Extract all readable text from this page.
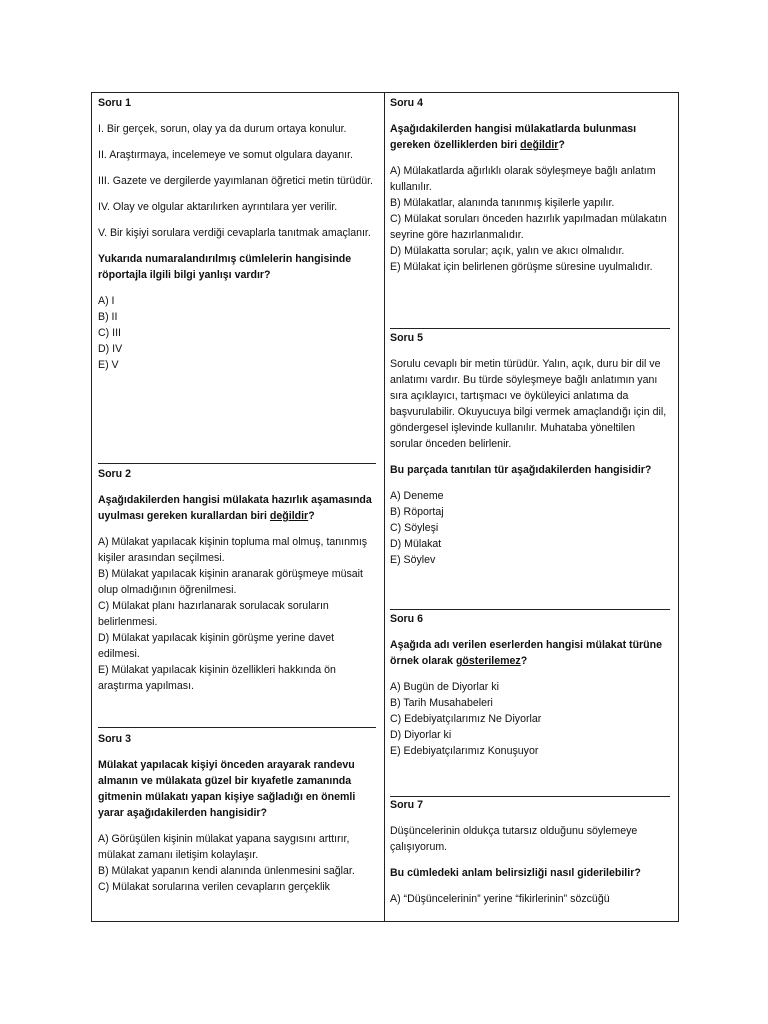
Soru 1

I. Bir gerçek, sorun, olay ya da durum ortaya konulur.

II. Araştırmaya, incelemeye ve somut olgulara dayanır.

III. Gazete ve dergilerde yayımlanan öğretici metin türüdür.

IV. Olay ve olgular aktarılırken ayrıntılara yer verilir.

V. Bir kişiyi sorulara verdiği cevaplarla tanıtmak amaçlanır.

Yukarıda numaralandırılmış cümlelerin hangisinde röportajla ilgili bilgi yanlışı vardır?

A) I

B) II

C) III

D) IV

E) V

Soru 2

Aşağıdakilerden hangisi mülakata hazırlık aşamasında uyulması gereken kurallardan biri değildir?

A) Mülakat yapılacak kişinin topluma mal olmuş, tanınmış kişiler arasından seçilmesi.

B) Mülakat yapılacak kişinin aranarak görüşmeye müsait olup olmadığının öğrenilmesi.

C) Mülakat planı hazırlanarak sorulacak soruların belirlenmesi.

D) Mülakat yapılacak kişinin görüşme yerine davet edilmesi.

E) Mülakat yapılacak kişinin özellikleri hakkında ön araştırma yapılması.

Soru 3

Mülakat yapılacak kişiyi önceden arayarak randevu almanın ve mülakata güzel bir kıyafetle zamanında gitmenin mülakatı yapan kişiye sağladığı en önemli yarar aşağıdakilerden hangisidir?

A) Görüşülen kişinin mülakat yapana saygısını arttırır, mülakat zamanı iletişim kolaylaşır.

B) Mülakat yapanın kendi alanında ünlenmesini sağlar.

C) Mülakat sorularına verilen cevapların gerçeklik

Soru 4

Aşağıdakilerden hangisi mülakatlarda bulunması gereken özelliklerden biri değildir?

A) Mülakatlarda ağırlıklı olarak söyleşmeye bağlı anlatım kullanılır.

B) Mülakatlar, alanında tanınmış kişilerle yapılır.

C) Mülakat soruları önceden hazırlık yapılmadan mülakatın seyrine göre hazırlanmalıdır.

D) Mülakatta sorular; açık, yalın ve akıcı olmalıdır.

E) Mülakat için belirlenen görüşme süresine uyulmalıdır.

Soru 5

Sorulu cevaplı bir metin türüdür. Yalın, açık, duru bir dil ve anlatımı vardır. Bu türde söyleşmeye bağlı anlatımın yanı sıra açıklayıcı, tartışmacı ve öyküleyici anlatıma da başvurulabilir. Okuyucuya bilgi vermek amaçlandığı için dil, göndergesel işlevinde kullanılır. Muhataba yöneltilen sorular önceden belirlenir.

Bu parçada tanıtılan tür aşağıdakilerden hangisidir?

A) Deneme

B) Röportaj

C) Söyleşi

D) Mülakat

E) Söylev

Soru 6

Aşağıda adı verilen eserlerden hangisi mülakat türüne örnek olarak gösterilemez?

A) Bugün de Diyorlar ki

B) Tarih Musahabeleri

C) Edebiyatçılarımız Ne Diyorlar

D) Diyorlar ki

E) Edebiyatçılarımız Konuşuyor

Soru 7

Düşüncelerinin oldukça tutarsız olduğunu söylemeye çalışıyorum.

Bu cümledeki anlam belirsizliği nasıl giderilebilir?

A) “Düşüncelerinin” yerine “fikirlerinin” sözcüğü
